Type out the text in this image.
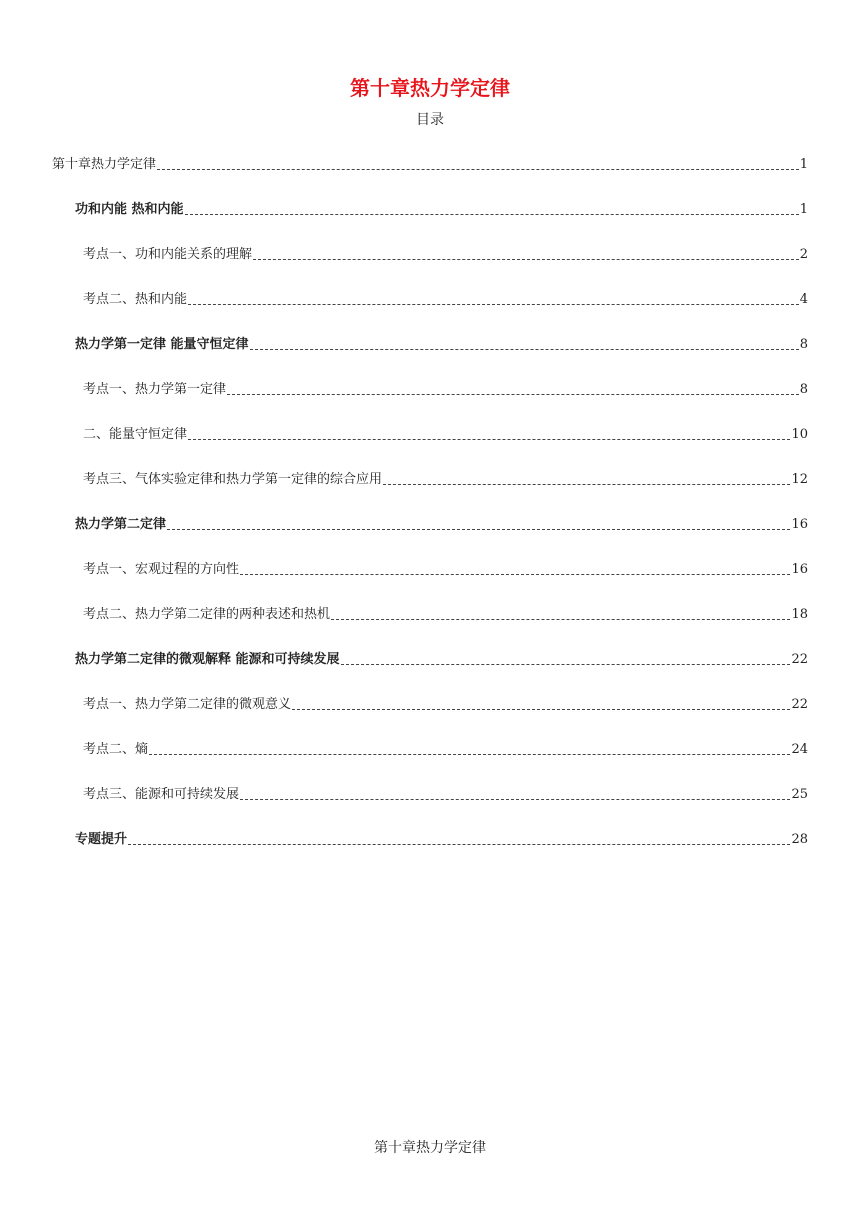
第十章热力学定律
目录
第十章热力学定律	1
功和内能 热和内能	1
考点一、功和内能关系的理解	2
考点二、热和内能	4
热力学第一定律 能量守恒定律	8
考点一、热力学第一定律	8
二、能量守恒定律	10
考点三、气体实验定律和热力学第一定律的综合应用	12
热力学第二定律	16
考点一、宏观过程的方向性	16
考点二、热力学第二定律的两种表述和热机	18
热力学第二定律的微观解释 能源和可持续发展	22
考点一、热力学第二定律的微观意义	22
考点二、熵	24
考点三、能源和可持续发展	25
专题提升	28
第十章热力学定律
